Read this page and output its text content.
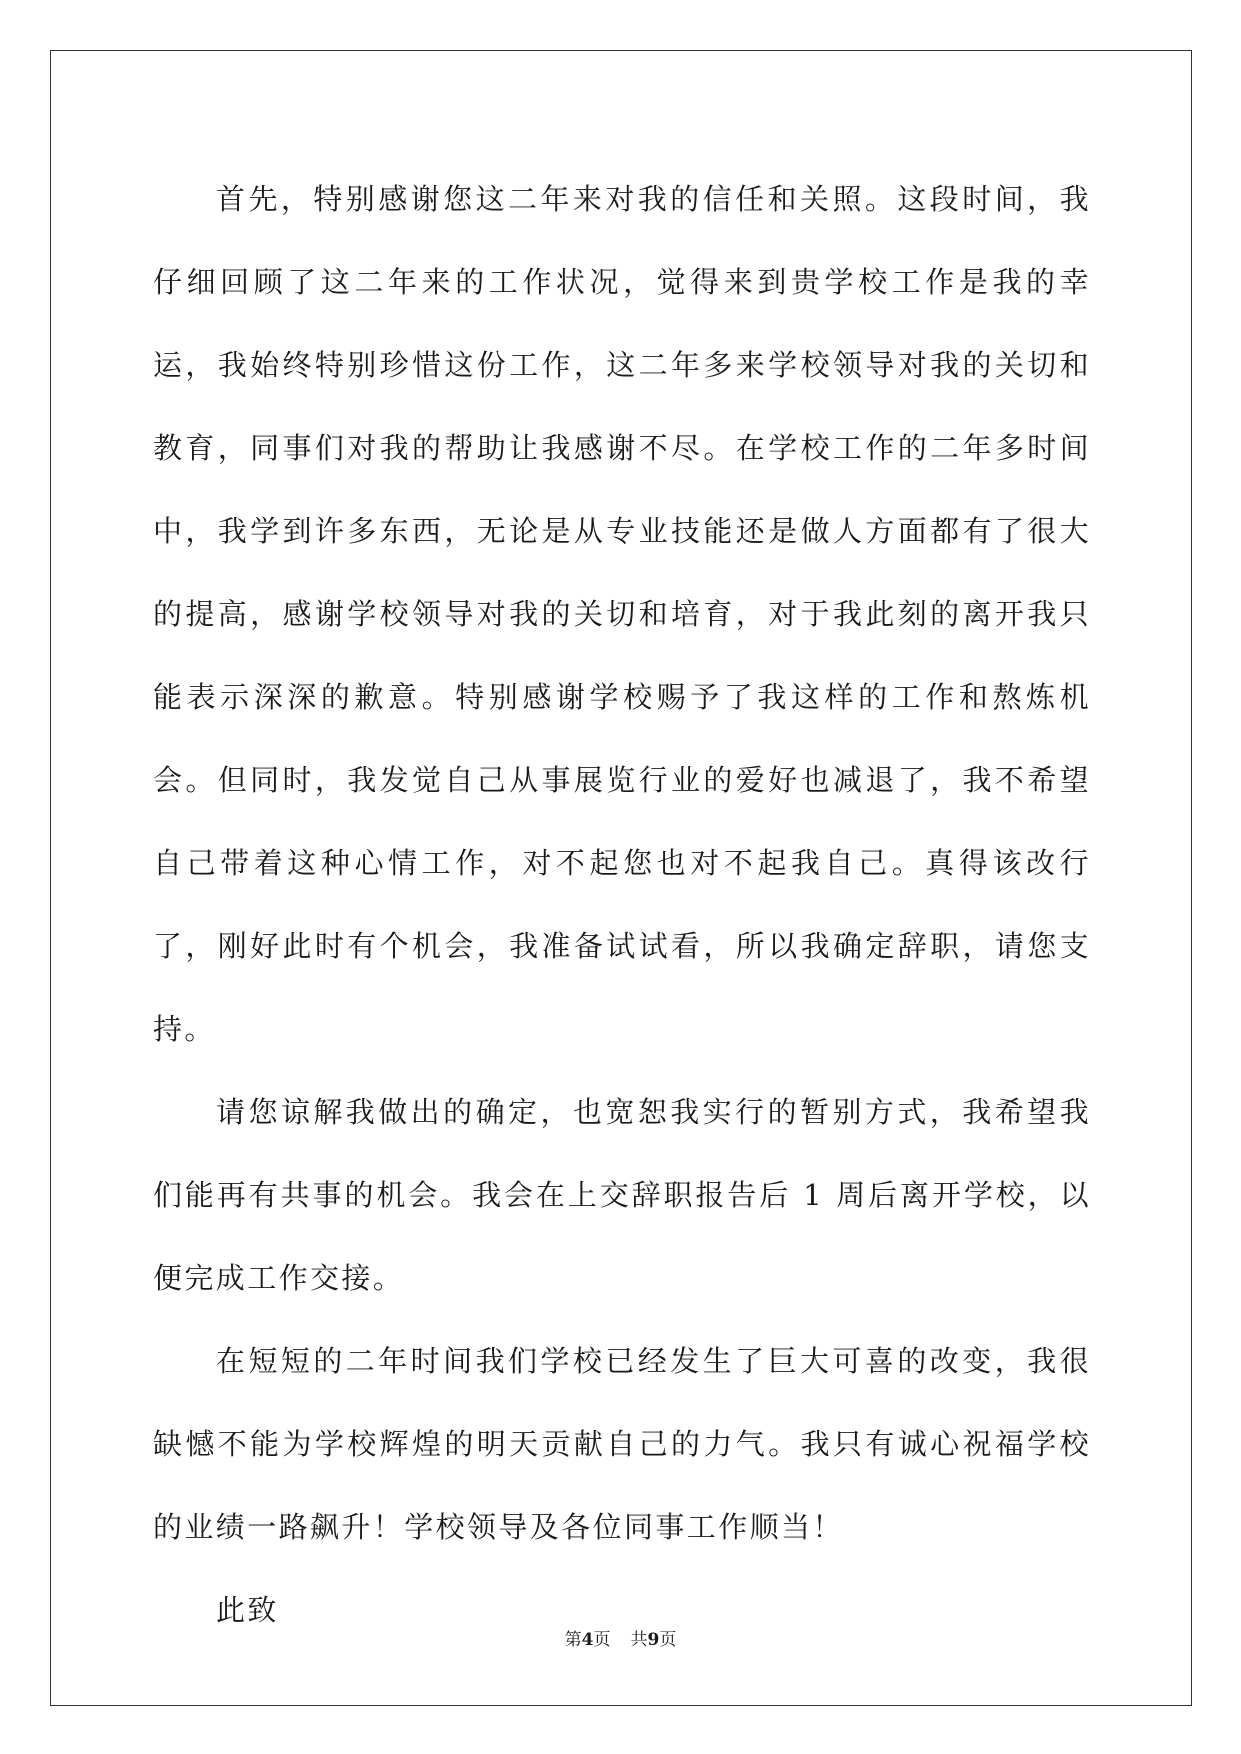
首先，特别感谢您这二年来对我的信任和关照。这段时间，我仔细回顾了这二年来的工作状况，觉得来到贵学校工作是我的幸运，我始终特别珍惜这份工作，这二年多来学校领导对我的关切和教育，同事们对我的帮助让我感谢不尽。在学校工作的二年多时间中，我学到许多东西，无论是从专业技能还是做人方面都有了很大的提高，感谢学校领导对我的关切和培育，对于我此刻的离开我只能表示深深的歉意。特别感谢学校赐予了我这样的工作和熬炼机会。但同时，我发觉自己从事展览行业的爱好也减退了，我不希望自己带着这种心情工作，对不起您也对不起我自己。真得该改行了，刚好此时有个机会，我准备试试看，所以我确定辞职，请您支持。

请您谅解我做出的确定，也宽恕我实行的暂别方式，我希望我们能再有共事的机会。我会在上交辞职报告后 1 周后离开学校，以便完成工作交接。

在短短的二年时间我们学校已经发生了巨大可喜的改变，我很缺憾不能为学校辉煌的明天贡献自己的力气。我只有诚心祝福学校的业绩一路飙升！学校领导及各位同事工作顺当！

此致

第4页 共9页
